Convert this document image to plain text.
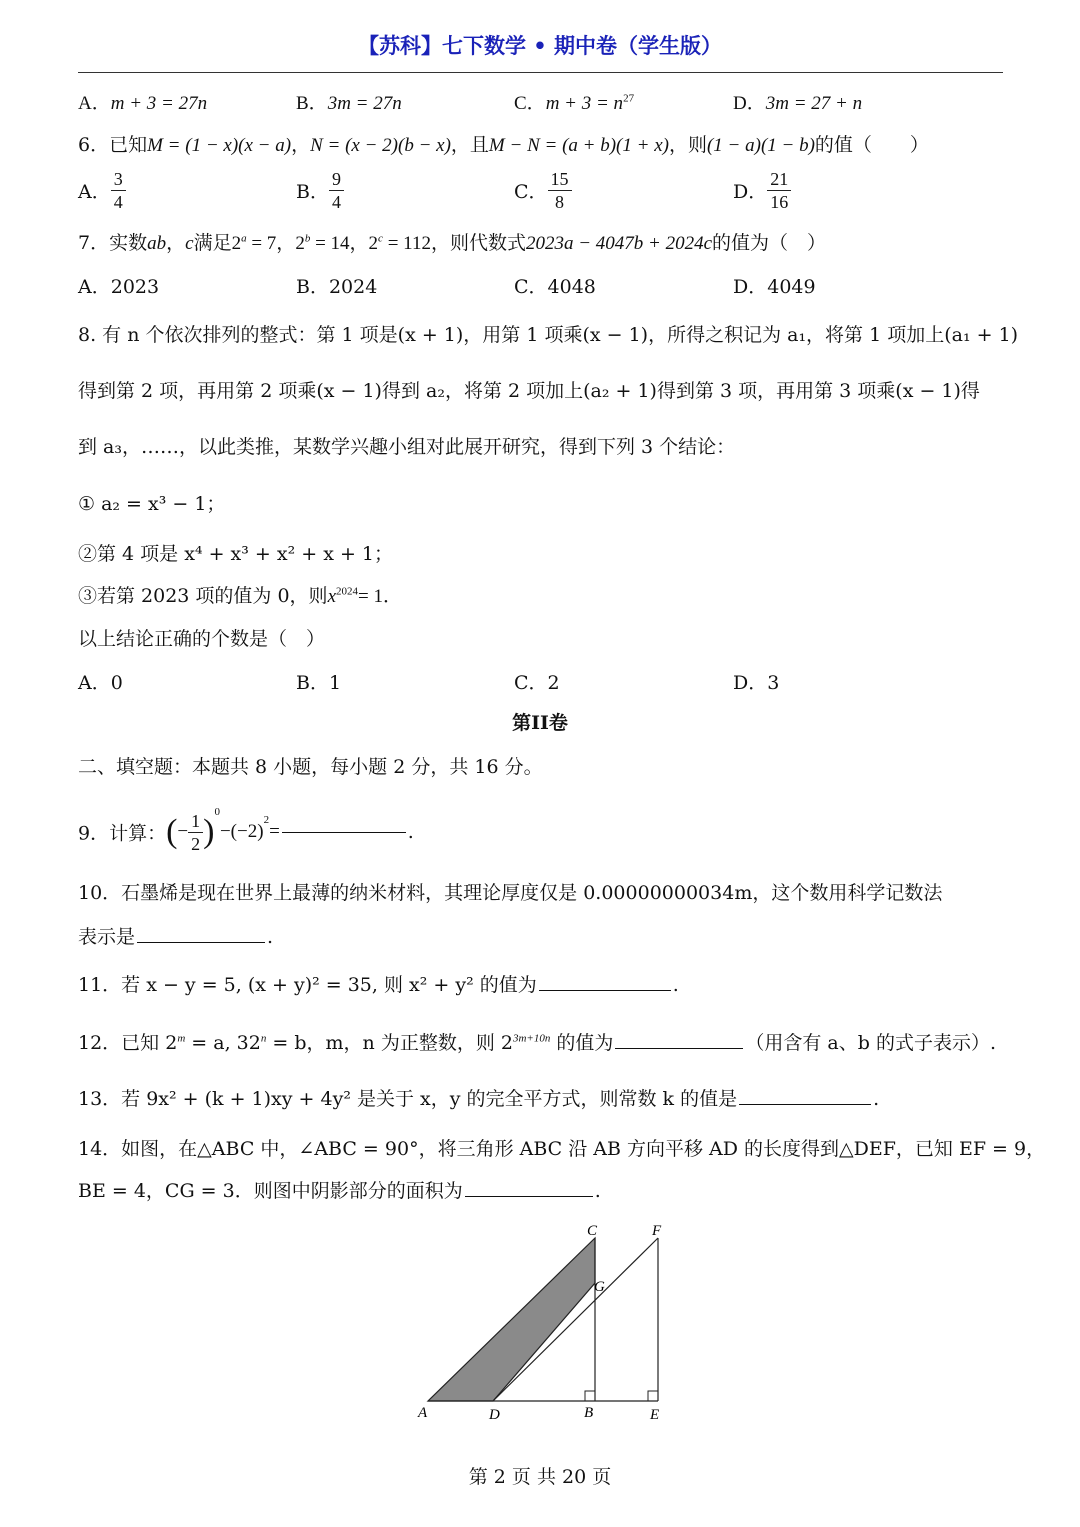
【苏科】七下数学 • 期中卷（学生版）
A．m + 3 = 27n	B．3m = 27n	C．$m + 3 = n^{27}$	D．3m = 27 + n
6．已知M = (1 − x)(x − a)，N = (x − 2)(b − x)，且M − N = (a + b)(1 + x)，则(1 − a)(1 − b)的值（　　）
A． $\frac{3}{4}$	B． $\frac{9}{4}$	C． $\frac{15}{8}$	D． $\frac{21}{16}$
7．实数ab，c满足$2^a = 7$，$2^b = 14$，$2^c = 112$，则代数式2023a − 4047b + 2024c的值为（　）
A．2023	B．2024	C．4048	D．4049
8. 有 n 个依次排列的整式：第 1 项是(x + 1)，用第 1 项乘(x − 1)，所得之积记为 a₁，将第 1 项加上(a₁ + 1)
得到第 2 项，再用第 2 项乘(x − 1)得到 a₂，将第 2 项加上(a₂ + 1)得到第 3 项，再用第 3 项乘(x − 1)得
到 a₃，……，以此类推，某数学兴趣小组对此展开研究，得到下列 3 个结论：
① a₂ = x³ − 1；
②第 4 项是 x⁴ + x³ + x² + x + 1；
③若第 2023 项的值为 0，则$x^{2024}= 1$．
以上结论正确的个数是（　）
A．0	B．1	C．2	D．3
第II卷
二、填空题：本题共 8 小题，每小题 2 分，共 16 分。
9．计算：(− $\frac{1}{2} )^0-(-2)^2=$	.
10．石墨烯是现在世界上最薄的纳米材料，其理论厚度仅是 0.00000000034m，这个数用科学记数法
表示是	.
11．若 x − y = 5, (x + y)² = 35, 则 x² + y² 的值为	.
12．已知 $2^m = a$, $32^n = b$，m，n 为正整数，则 $2^{3m+10n}$ 的值为	（用含有 a、b 的式子表示）.
13．若 9x² + (k + 1)xy + 4y² 是关于 x，y 的完全平方式，则常数 k 的值是	.
14．如图，在△ABC 中，∠ABC = 90°，将三角形 ABC 沿 AB 方向平移 AD 的长度得到△DEF，已知 EF = 9，
BE = 4，CG = 3．则图中阴影部分的面积为	.
A	D	B	E
C	F
G
第 2 页 共 20 页
